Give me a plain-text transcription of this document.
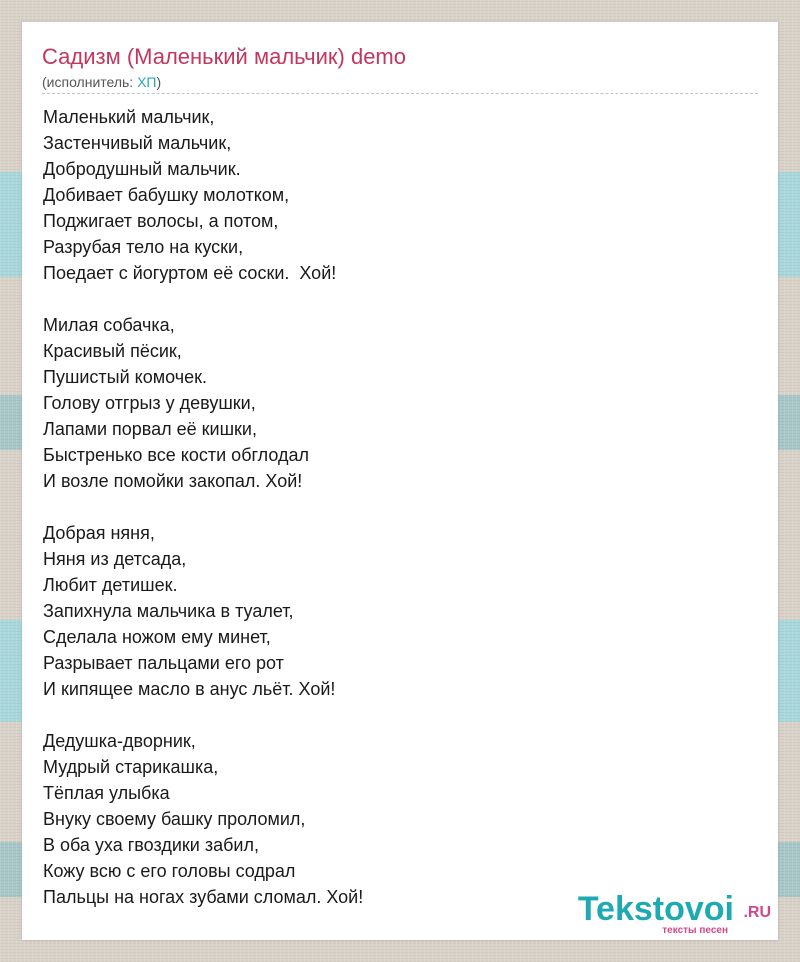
Садизм (Маленький мальчик) demo
(исполнитель: ХП)
Маленький мальчик,
Застенчивый мальчик,
Добродушный мальчик.
Добивает бабушку молотком,
Поджигает волосы, а потом,
Разрубая тело на куски,
Поедает с йогуртом её соски.  Хой!
Милая собачка,
Красивый пёсик,
Пушистый комочек.
Голову отгрыз у девушки,
Лапами порвал её кишки,
Быстренько все кости обглодал
И возле помойки закопал. Хой!
Добрая няня,
Няня из детсада,
Любит детишек.
Запихнула мальчика в туалет,
Сделала ножом ему минет,
Разрывает пальцами его рот
И кипящее масло в анус льёт. Хой!
Дедушка-дворник,
Мудрый старикашка,
Тёплая улыбка
Внуку своему башку проломил,
В оба уха гвоздики забил,
Кожу всю с его головы содрал
Пальцы на ногах зубами сломал. Хой!	Tekstovoi .RU
тексты песен
